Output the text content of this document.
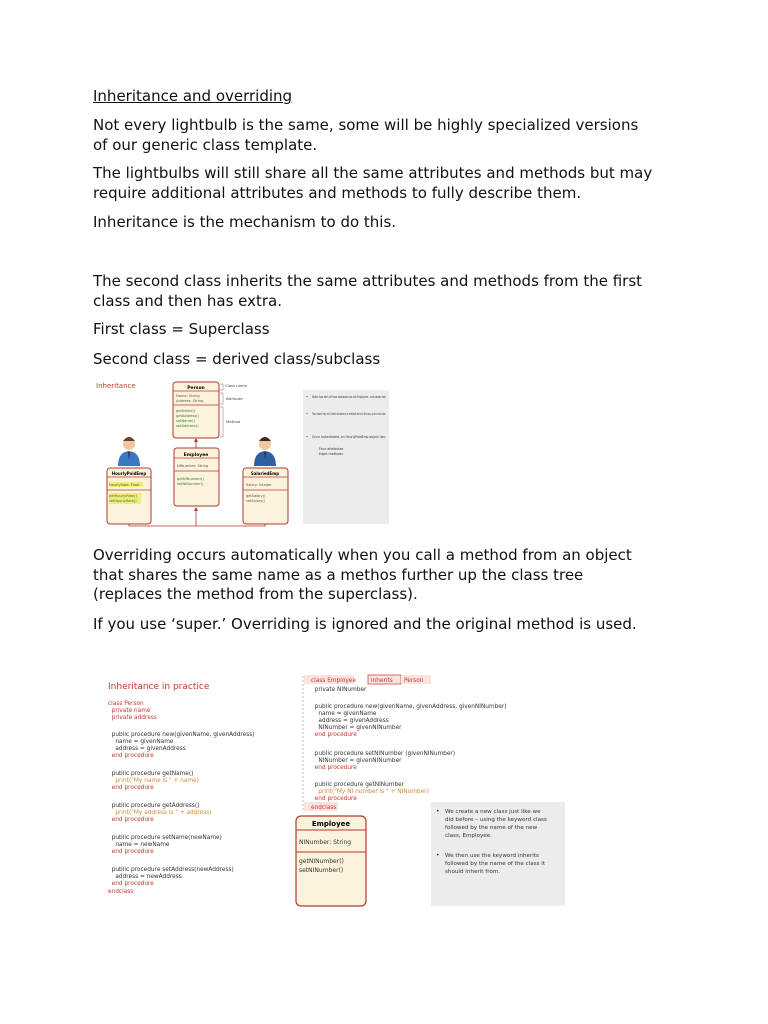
Inheritance and overriding
Not every lightbulb is the same, some will be highly specialized versions
of our generic class template.
The lightbulbs will still share all the same attributes and methods but may
require additional attributes and methods to fully describe them.
Inheritance is the mechanism to do this.
The second class inherits the same attributes and methods from the first
class and then has extra.
First class = Superclass
Second class = derived class/subclass
Inheritance	Person
Name: String
Address: String
getName()
getAddress()
setName()
setAddress()
Class name
Attribute
Method
Employee
NINumber: String
getNINumber()
setNINumber()
HourlyPaidEmp
HourlyRate: Float
getHourlyRate()
setHourlyRate()
SalariedEmp
Salary: Integer
getSalary()
setSalary()
• Notice how each of these subclasses are still Employees – and people too!
• That means they will inherit attributes and methods from all the way up the class tree.
• Once instantiated, an HourlyPaidEmp object has:
Four attributes
Eight methods
Overriding occurs automatically when you call a method from an object
that shares the same name as a methos further up the class tree
(replaces the method from the superclass).
If you use ‘super.’ Overriding is ignored and the original method is used.
Inheritance in practice
class Person
private name
private address
public procedure new(givenName, givenAddress)
name = givenName
address = givenAddress
end procedure
public procedure getName()
print("My name is " + name)
end procedure
public procedure getAddress()
print("My address is " + address)
end procedure
public procedure setName(newName)
name = newName
end procedure
public procedure setAddress(newAddress)
address = newAddress
end procedure
endclass
class Employee	inherits Person
private NINumber
public procedure new(givenName, givenAddress, givenNINumber)
name = givenName
address = givenAddress
NINumber = givenNINumber
end procedure
public procedure setNINumber (givenNINumber)
NINumber = givenNINumber
end procedure
public procedure getNINumber
print("My NI number is " + NINumber)
end procedure
endclass
Employee
NINumber: String
getNINumber()
setNINumber()
• We create a new class just like we
did before – using the keyword class
followed by the name of the new
class, Employee.
• We then use the keyword inherits
followed by the name of the class it
should inherit from.
